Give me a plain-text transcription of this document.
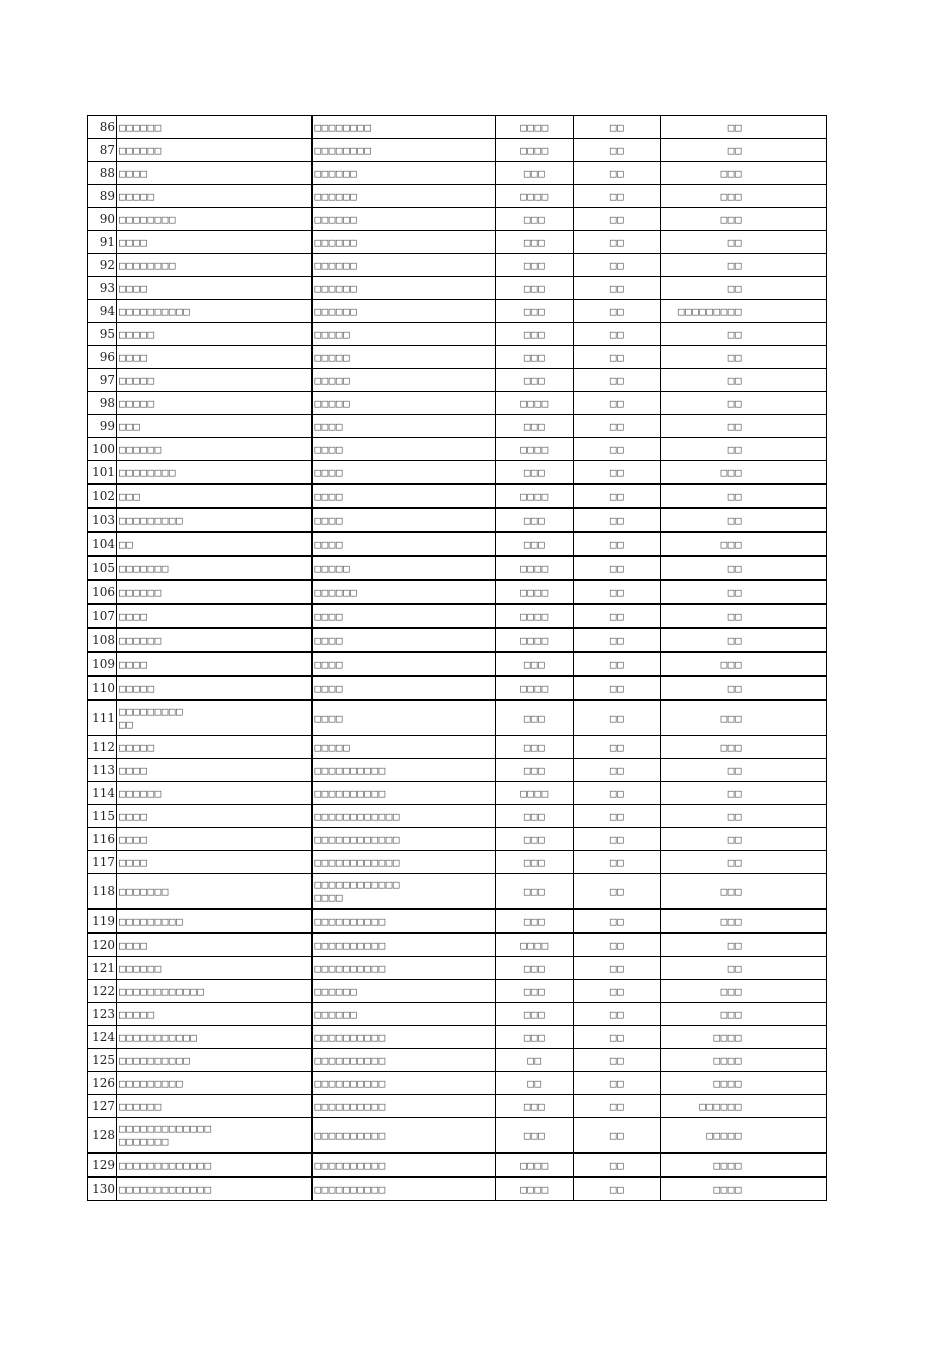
86	□□□□□□	□□□□□□□□	□□□□	□□	□□
87	□□□□□□	□□□□□□□□	□□□□	□□	□□
88	□□□□	□□□□□□	□□□	□□	□□□
89	□□□□□	□□□□□□	□□□□	□□	□□□
90	□□□□□□□□	□□□□□□	□□□	□□	□□□
91	□□□□	□□□□□□	□□□	□□	□□
92	□□□□□□□□	□□□□□□	□□□	□□	□□
93	□□□□	□□□□□□	□□□	□□	□□
94	□□□□□□□□□□	□□□□□□	□□□	□□	□□□□□□□□□
95	□□□□□	□□□□□	□□□	□□	□□
96	□□□□	□□□□□	□□□	□□	□□
97	□□□□□	□□□□□	□□□	□□	□□
98	□□□□□	□□□□□	□□□□	□□	□□
99	□□□	□□□□	□□□	□□	□□
100	□□□□□□	□□□□	□□□□	□□	□□
101	□□□□□□□□	□□□□	□□□	□□	□□□
102	□□□	□□□□	□□□□	□□	□□
103	□□□□□□□□□	□□□□	□□□	□□	□□
104	□□	□□□□	□□□	□□	□□□
105	□□□□□□□	□□□□□	□□□□	□□	□□
106	□□□□□□	□□□□□□	□□□□	□□	□□
107	□□□□	□□□□	□□□□	□□	□□
108	□□□□□□	□□□□	□□□□	□□	□□
109	□□□□	□□□□	□□□	□□	□□□
110	□□□□□	□□□□	□□□□	□□	□□
111	□□□□□□□□□
□□	□□□□	□□□	□□	□□□
112	□□□□□	□□□□□	□□□	□□	□□□
113	□□□□	□□□□□□□□□□	□□□	□□	□□
114	□□□□□□	□□□□□□□□□□	□□□□	□□	□□
115	□□□□	□□□□□□□□□□□□	□□□	□□	□□
116	□□□□	□□□□□□□□□□□□	□□□	□□	□□
117	□□□□	□□□□□□□□□□□□	□□□	□□	□□
118	□□□□□□□	□□□□□□□□□□□□
□□□□	□□□	□□	□□□
119	□□□□□□□□□	□□□□□□□□□□	□□□	□□	□□□
120	□□□□	□□□□□□□□□□	□□□□	□□	□□
121	□□□□□□	□□□□□□□□□□	□□□	□□	□□
122	□□□□□□□□□□□□	□□□□□□	□□□	□□	□□□
123	□□□□□	□□□□□□	□□□	□□	□□□
124	□□□□□□□□□□□	□□□□□□□□□□	□□□	□□	□□□□
125	□□□□□□□□□□	□□□□□□□□□□	□□	□□	□□□□
126	□□□□□□□□□	□□□□□□□□□□	□□	□□	□□□□
127	□□□□□□	□□□□□□□□□□	□□□	□□	□□□□□□
128	□□□□□□□□□□□□□
□□□□□□□	□□□□□□□□□□	□□□	□□	□□□□□
129	□□□□□□□□□□□□□	□□□□□□□□□□	□□□□	□□	□□□□
130	□□□□□□□□□□□□□	□□□□□□□□□□	□□□□	□□	□□□□
